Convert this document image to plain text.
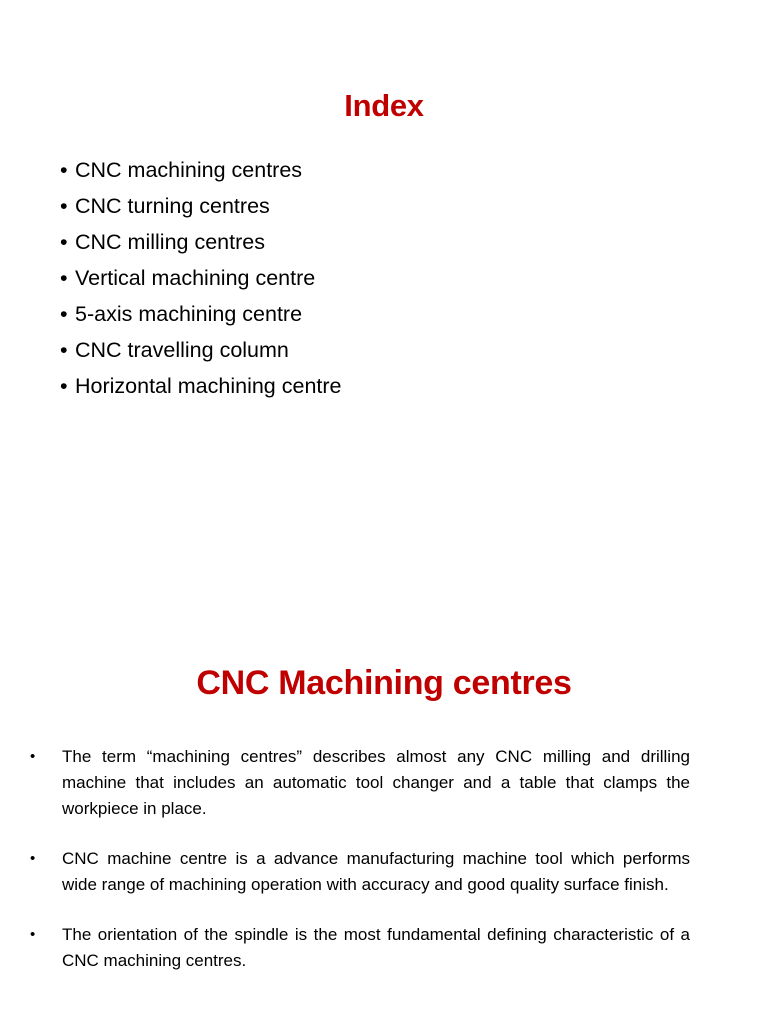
Index
• CNC machining centres
• CNC turning centres
• CNC milling centres
• Vertical machining centre
• 5-axis machining centre
• CNC travelling column
• Horizontal machining centre
CNC Machining centres
• The term “machining centres” describes almost any CNC milling and drilling machine that includes an automatic tool changer and a table that clamps the workpiece in place.
• CNC machine centre is a advance manufacturing machine tool which performs wide range of machining operation with accuracy and good quality surface finish.
• The orientation of the spindle is the most fundamental defining characteristic of a CNC machining centres.
